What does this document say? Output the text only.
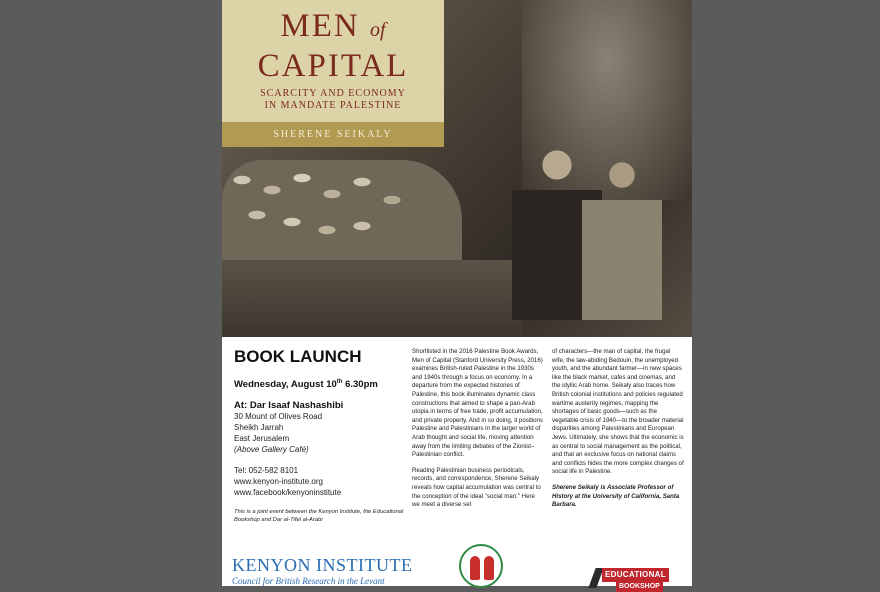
MEN of
CAPITAL
SCARCITY AND ECONOMY
IN MANDATE PALESTINE
SHERENE SEIKALY
BOOK LAUNCH
Wednesday, August 10th 6.30pm
At: Dar Isaaf Nashashibi
30 Mount of Olives Road
Sheikh Jarrah
East Jerusalem
(Above Gallery Café)
Tel: 052-582 8101
www.kenyon-institute.org
www.facebook/kenyoninstitute
This is a joint event between the Kenyon Institute, the Educational Bookshop and Dar al-Tifel al-Arabi

Shortlisted in the 2016 Palestine Book Awards, Men of Capital (Stanford University Press, 2016) examines British-ruled Palestine in the 1930s and 1940s through a focus on economy. In a departure from the expected histories of Palestine, this book illuminates dynamic class constructions that aimed to shape a pan-Arab utopia in terms of free trade, profit accumulation, and private property. And in so doing, it positions Palestine and Palestinians in the larger world of Arab thought and social life, moving attention away from the limiting debates of the Zionist–Palestinian conflict.

Reading Palestinian business periodicals, records, and correspondence, Sherene Seikaly reveals how capital accumulation was central to the conception of the ideal "social man." Here we meet a diverse set

of characters—the man of capital, the frugal wife, the law-abiding Bedouin, the unemployed youth, and the abundant farmer—in new spaces like the black market, cafes and cinemas, and the idyllic Arab home. Seikaly also traces how British colonial institutions and policies regulated wartime austerity regimes, mapping the shortages of basic goods—such as the vegetable crisis of 1940—to the broader material disparities among Palestinians and European Jews. Ultimately, she shows that the economic is as central to social management as the political, and that an exclusive focus on national claims and conflicts hides the more complex changes of social life in Palestine.

Sherene Seikaly is Associate Professor of History at the University of California, Santa Barbara.

KENYON INSTITUTE
Council for British Research in the Levant
EDUCATIONAL
BOOKSHOP
